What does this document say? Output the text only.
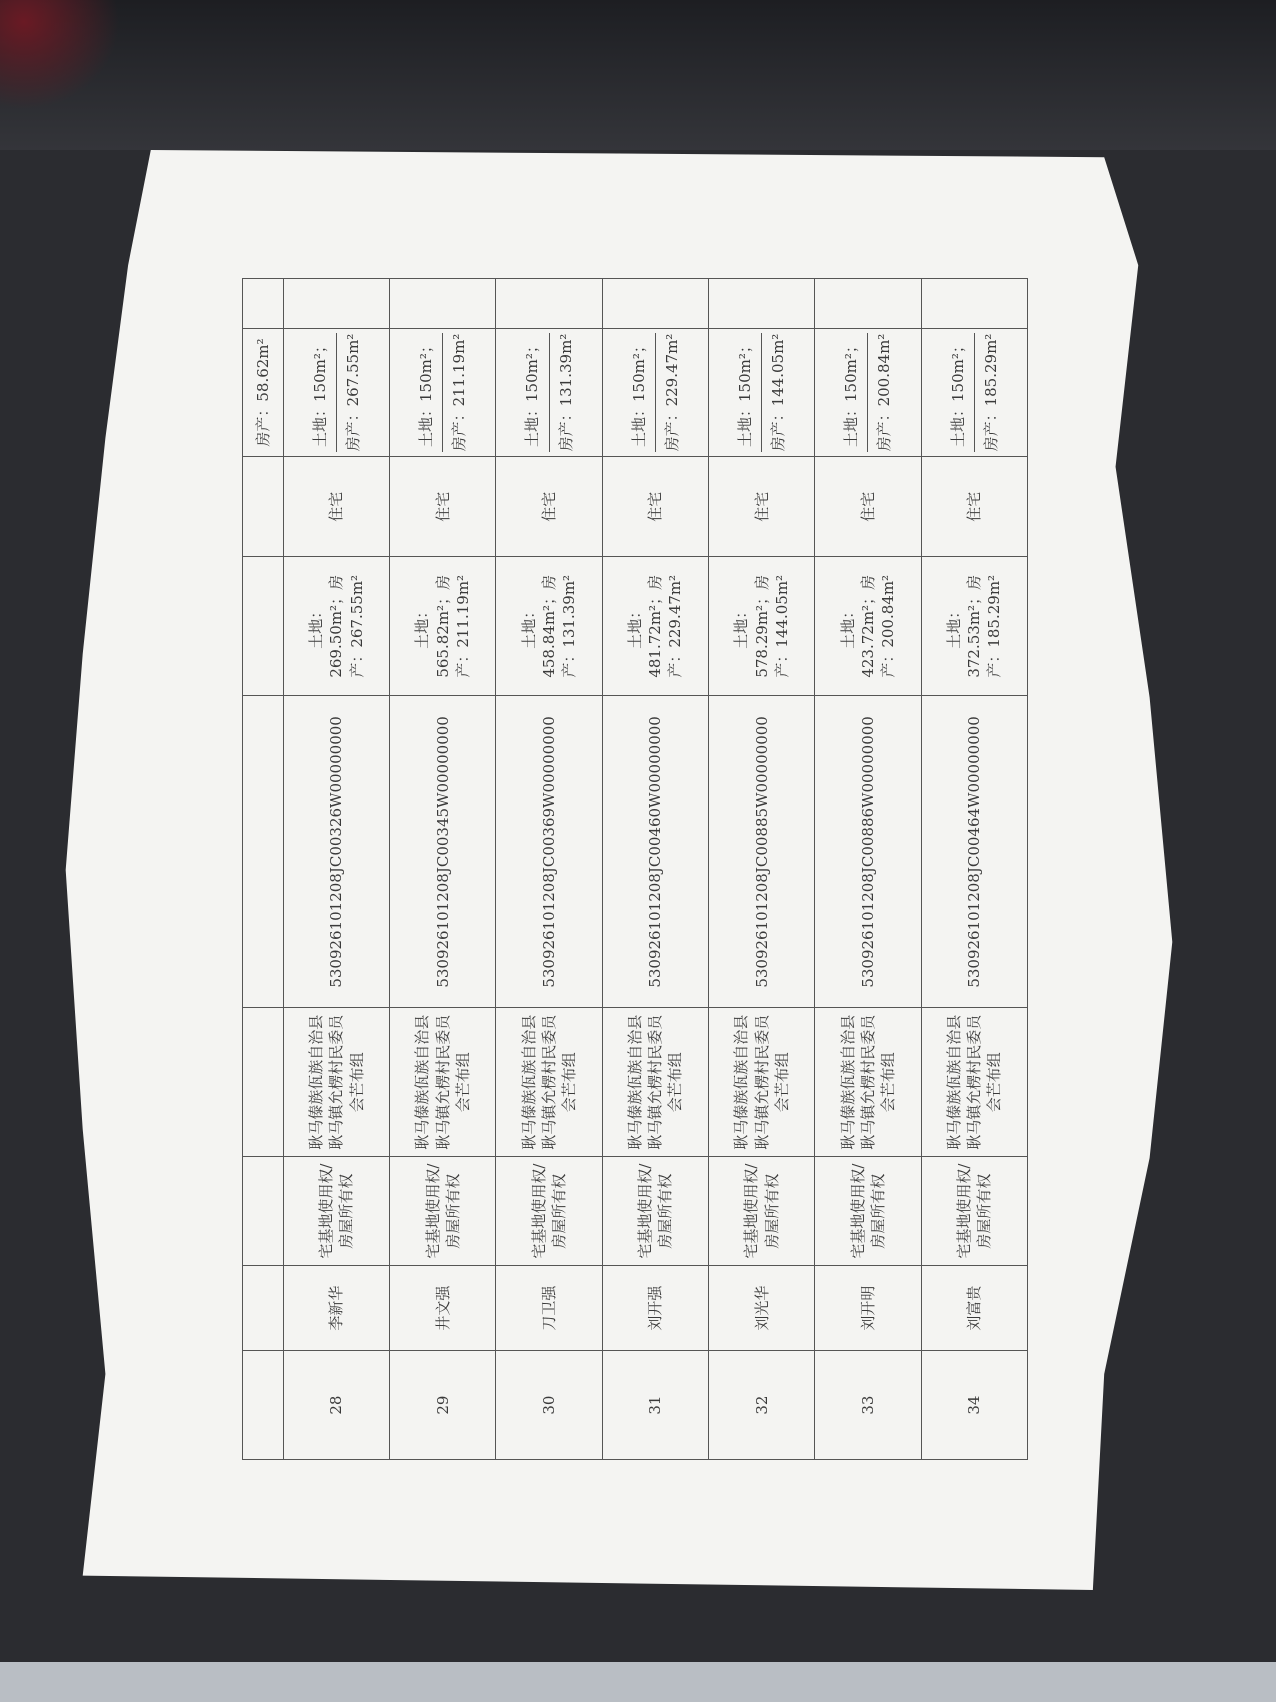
							房产：58.62m²	
28	李新华	宅基地使用权/房屋所有权	耿马傣族佤族自治县耿马镇允楞村民委员会芒布组	530926101208JC00326W00000000	土地：269.50m²；房产：267.55m²	住宅	土地：150m²； 房产：267.55m²	

29	井文强	宅基地使用权/房屋所有权	耿马傣族佤族自治县耿马镇允楞村民委员会芒布组	530926101208JC00345W00000000	土地：565.82m²；房产：211.19m²	住宅	土地：150m²； 房产：211.19m²	

30	刀卫强	宅基地使用权/房屋所有权	耿马傣族佤族自治县耿马镇允楞村民委员会芒布组	530926101208JC00369W00000000	土地：458.84m²；房产：131.39m²	住宅	土地：150m²； 房产：131.39m²	

31	刘开强	宅基地使用权/房屋所有权	耿马傣族佤族自治县耿马镇允楞村民委员会芒布组	530926101208JC00460W00000000	土地：481.72m²；房产：229.47m²	住宅	土地：150m²； 房产：229.47m²	

32	刘光华	宅基地使用权/房屋所有权	耿马傣族佤族自治县耿马镇允楞村民委员会芒布组	530926101208JC00885W00000000	土地：578.29m²；房产：144.05m²	住宅	土地：150m²； 房产：144.05m²	

33	刘开明	宅基地使用权/房屋所有权	耿马傣族佤族自治县耿马镇允楞村民委员会芒布组	530926101208JC00886W00000000	土地：423.72m²；房产：200.84m²	住宅	土地：150m²； 房产：200.84m²	

34	刘富贵	宅基地使用权/房屋所有权	耿马傣族佤族自治县耿马镇允楞村民委员会芒布组	530926101208JC00464W00000000	土地：372.53m²；房产：185.29m²	住宅	土地：150m²； 房产：185.29m²	
